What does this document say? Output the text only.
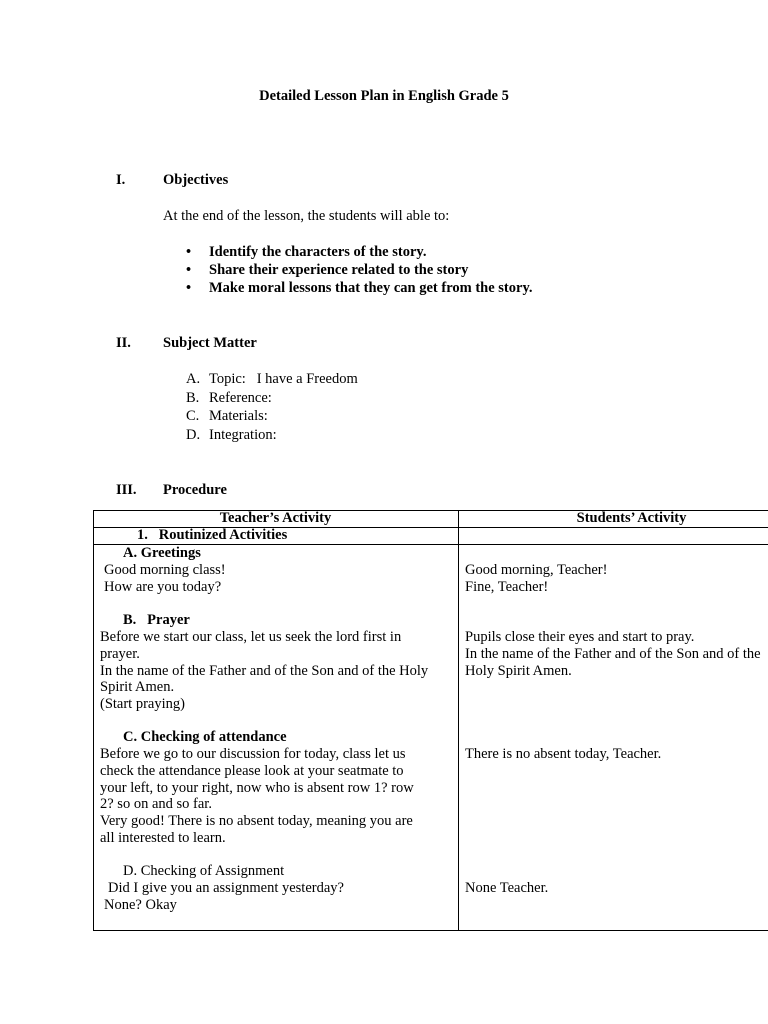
Detailed Lesson Plan in English Grade 5
I.	Objectives
At the end of the lesson, the students will able to:
• Identify the characters of the story.
• Share their experience related to the story
• Make moral lessons that they can get from the story.
II. Subject Matter
A. Topic:   I have a Freedom
B. Reference:
C. Materials:
D. Integration:
III. Procedure
Teacher’s Activity	Students’ Activity
1.   Routinized Activities
A. Greetings
Good morning class!
How are you today?
Good morning, Teacher!
Fine, Teacher!
B.   Prayer
Before we start our class, let us seek the lord first in
prayer.
In the name of the Father and of the Son and of the Holy
Spirit Amen.
(Start praying)
Pupils close their eyes and start to pray.
In the name of the Father and of the Son and of the
Holy Spirit Amen.
C. Checking of attendance
Before we go to our discussion for today, class let us
check the attendance please look at your seatmate to
your left, to your right, now who is absent row 1? row
2? so on and so far.
Very good! There is no absent today, meaning you are
all interested to learn.
There is no absent today, Teacher.
D. Checking of Assignment
Did I give you an assignment yesterday?
None? Okay
None Teacher.
